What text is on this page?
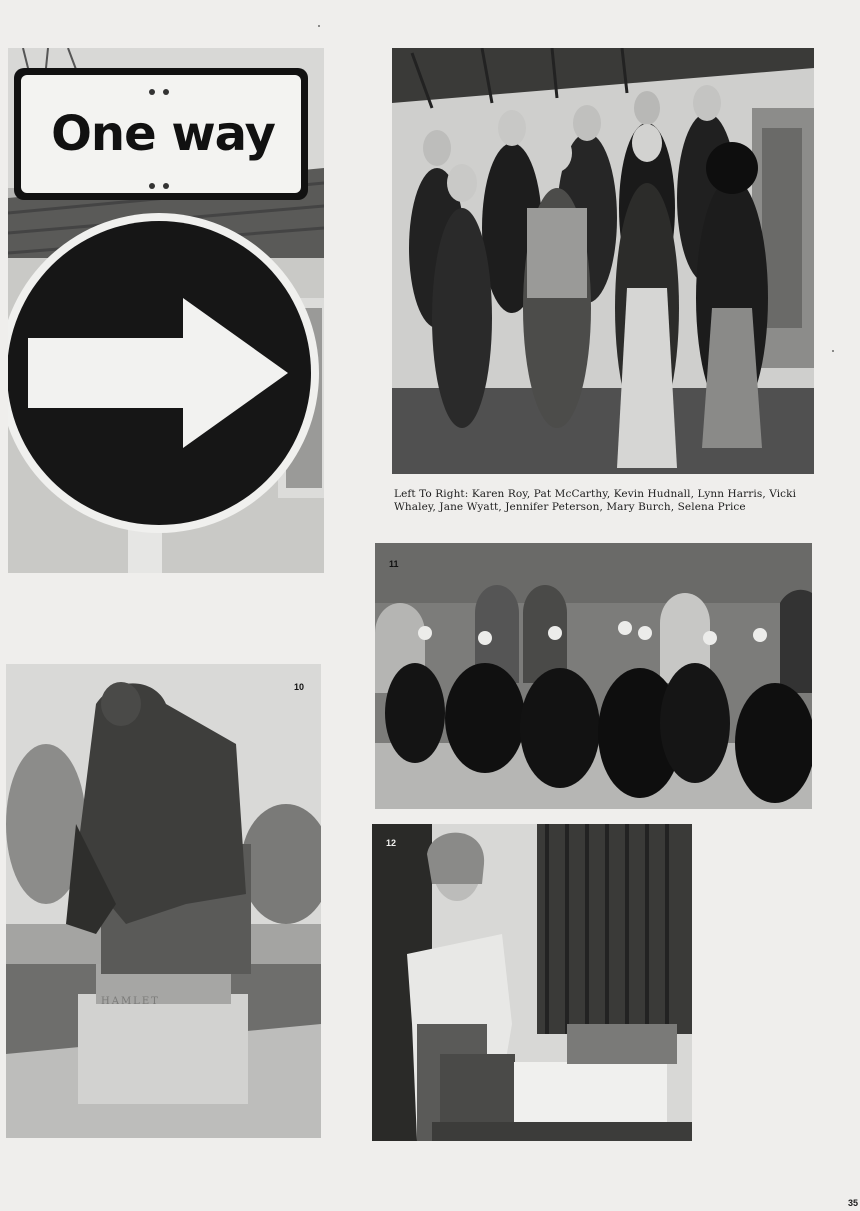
One way

Left To Right: Karen Roy, Pat McCarthy, Kevin Hudnall, Lynn Harris, Vicki Whaley, Jane Wyatt, Jennifer Peterson, Mary Burch, Selena Price

10
HAMLET
11
12
35
